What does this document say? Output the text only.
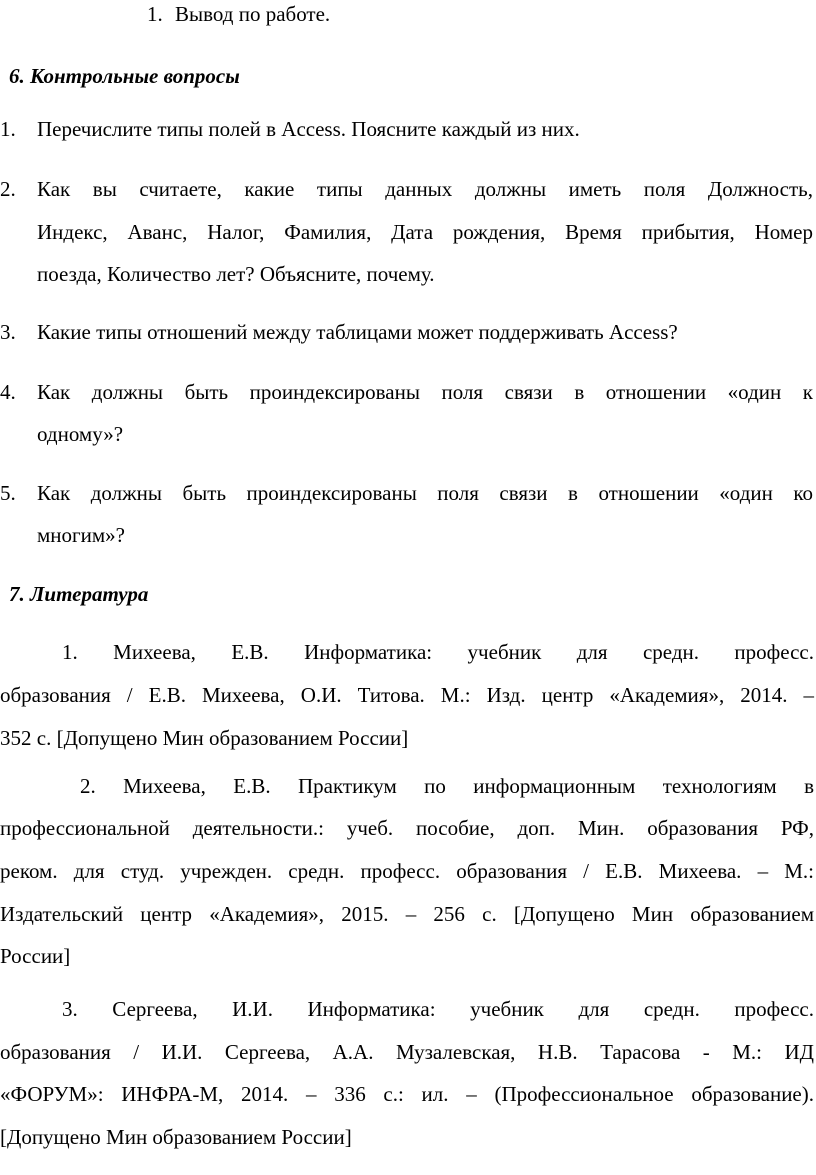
1. Вывод по работе.
6. Контрольные вопросы
1. Перечислите типы полей в Access. Поясните каждый из них.
2. Как вы считаете, какие типы данных должны иметь поля Должность,
Индекс, Аванс, Налог, Фамилия, Дата рождения, Время прибытия, Номер
поезда, Количество лет? Объясните, почему.
3. Какие типы отношений между таблицами может поддерживать Access?
4. Как должны быть проиндексированы поля связи в отношении «один к
одному»?
5. Как должны быть проиндексированы поля связи в отношении «один ко
многим»?
7. Литература
1. Михеева, Е.В. Информатика: учебник для средн. професс.
образования / Е.В. Михеева, О.И. Титова. М.: Изд. центр «Академия», 2014. –
352 с. [Допущено Мин образованием России]
2. Михеева, Е.В. Практикум по информационным технологиям в
профессиональной деятельности.: учеб. пособие, доп. Мин. образования РФ,
реком. для студ. учрежден. средн. професс. образования / Е.В. Михеева. – М.:
Издательский центр «Академия», 2015. – 256 с. [Допущено Мин образованием
России]
3. Сергеева, И.И. Информатика: учебник для средн. професс.
образования / И.И. Сергеева, А.А. Музалевская, Н.В. Тарасова - М.: ИД
«ФОРУМ»: ИНФРА-М, 2014. – 336 с.: ил. – (Профессиональное образование).
[Допущено Мин образованием России]
